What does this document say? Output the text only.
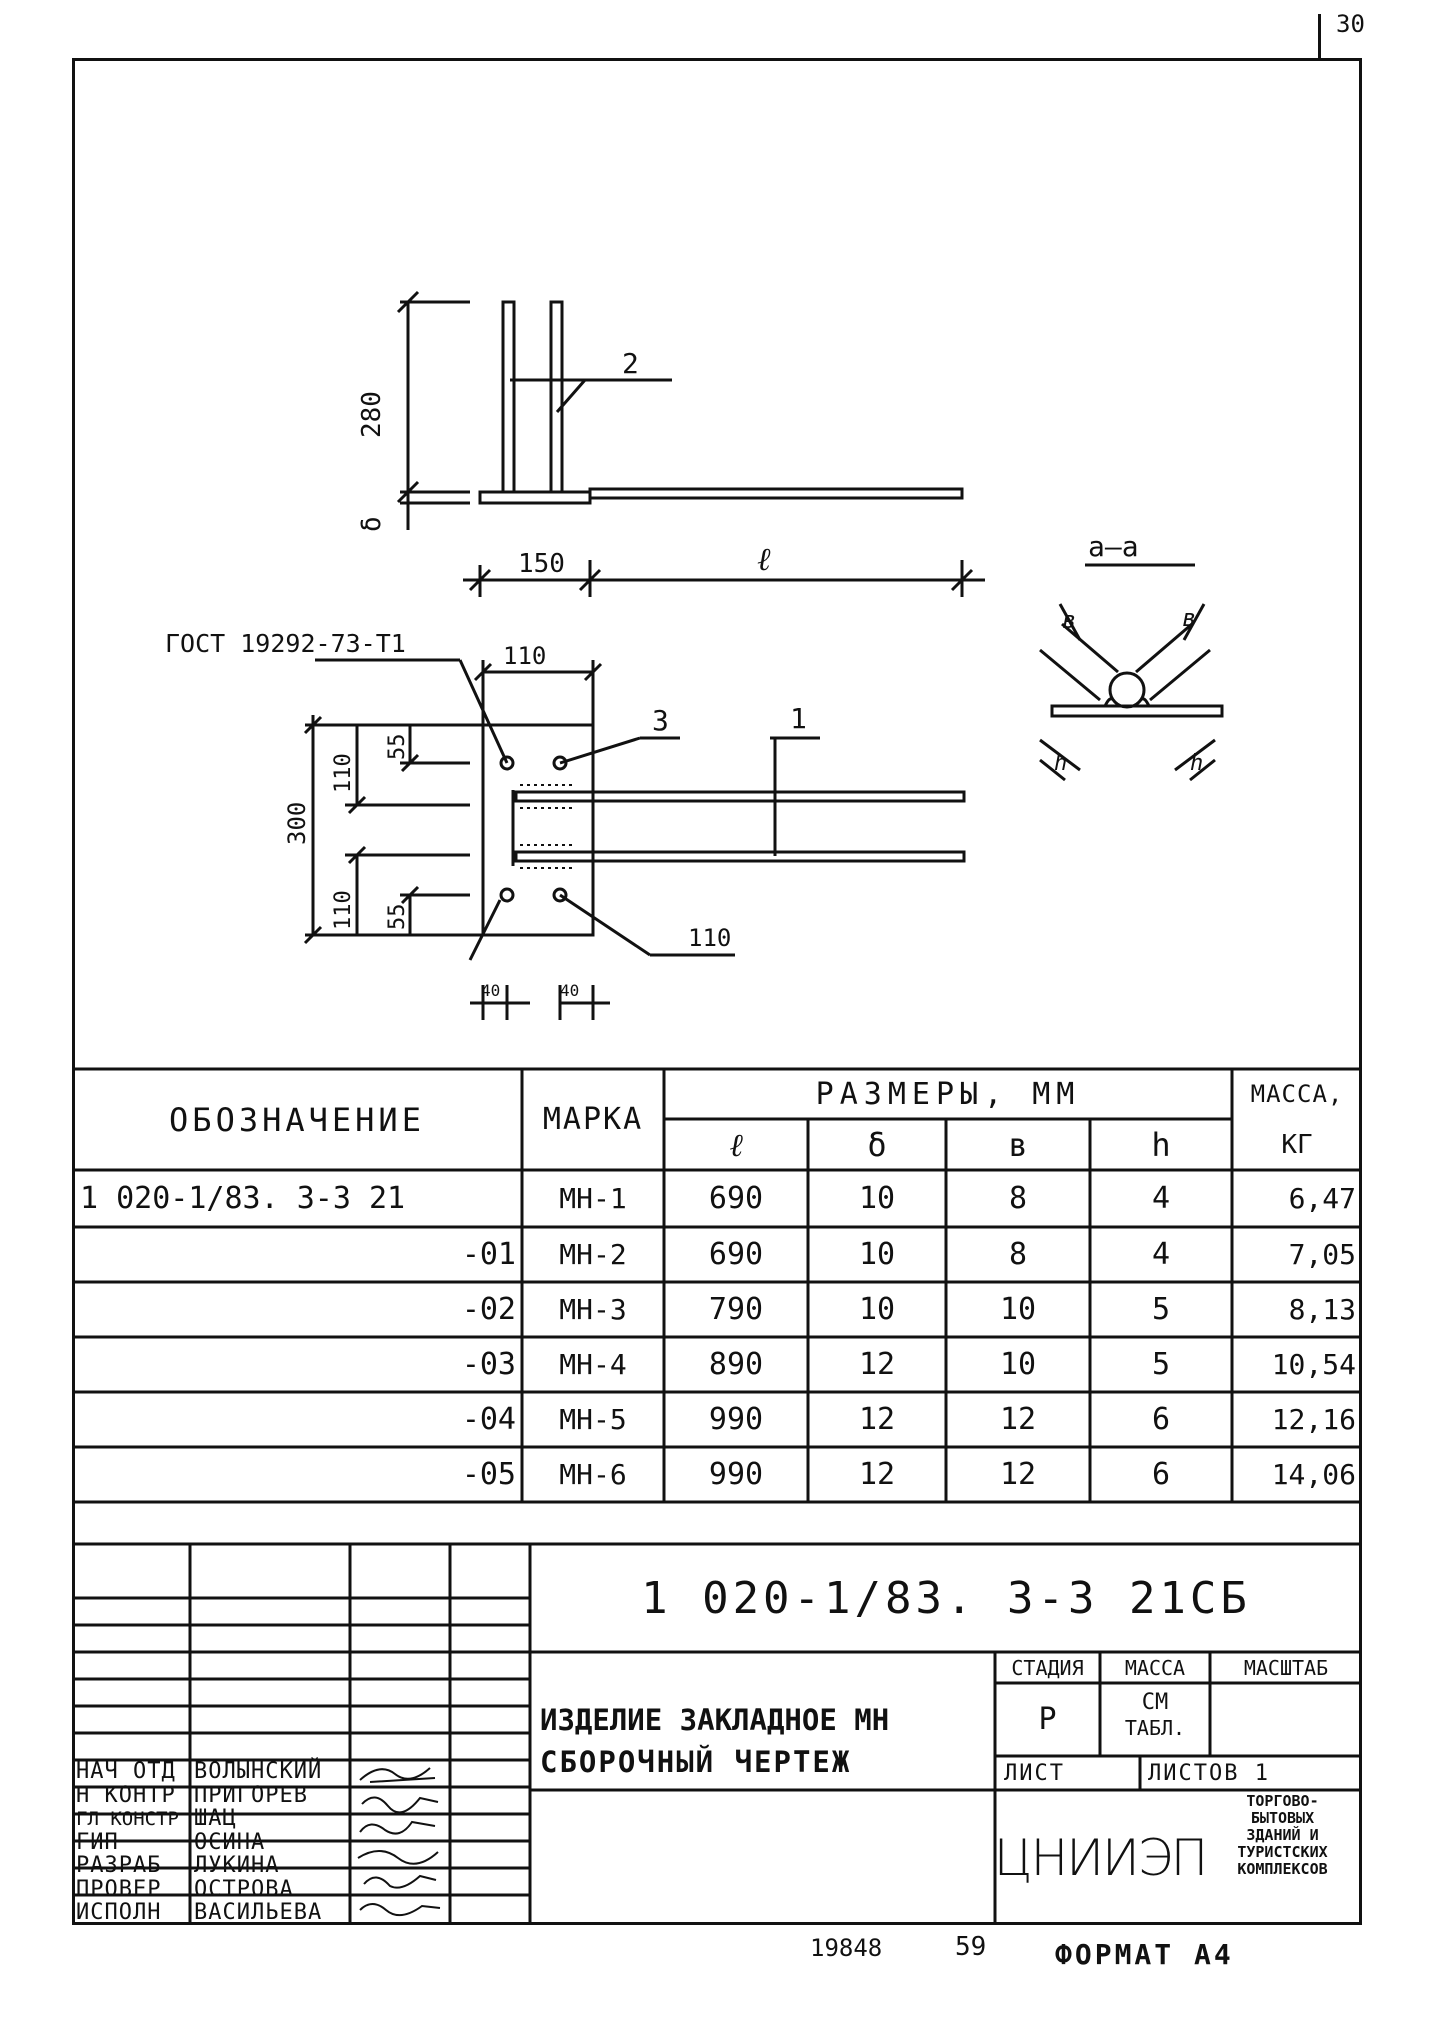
30
280
δ
150	ℓ
2
ГОСТ 19292-73-Т1	110
3	1
300
110
55
110 55
110
40	40
а—а
в	в
h	h
ОБОЗНАЧЕНИЕ	МАРКА
РАЗМЕРЫ, ММ	МАССА,
КГ
ℓ	δ	в	h
1 020-1/83. 3-3 21	МН-1	690	10	8	4	6,47
-01	МН-2	690	10	8	4	7,05
-02	МН-3	790	10	10	5	8,13
-03	МН-4	890	12	10	5	10,54
-04	МН-5	990	12	12	6	12,16
-05	МН-6	990	12	12	6	14,06
1 020-1/83. 3-3 21СБ
ИЗДЕЛИЕ ЗАКЛАДНОЕ МН
СБОРОЧНЫЙ ЧЕРТЕЖ
СТАДИЯ	МАССА	МАСШТАБ
Р	СМ
ТАБЛ.
ЛИСТ	ЛИСТОВ 1
ЦНИИЭП
ТОРГОВО-
БЫТОВЫХ
ЗДАНИЙ И
ТУРИСТСКИХ
КОМПЛЕКСОВ
НАЧ ОТД ВОЛЫНСКИЙ
Н КОНТР ПРИГОРЕВ
ГЛ КОНСТР ШАЦ
ГИП	ОСИНА
РАЗРАБ	ЛУКИНА
ПРОВЕР	ОСТРОВА
ИСПОЛН	ВАСИЛЬЕВА
19848	59 ФОРМАТ А4
